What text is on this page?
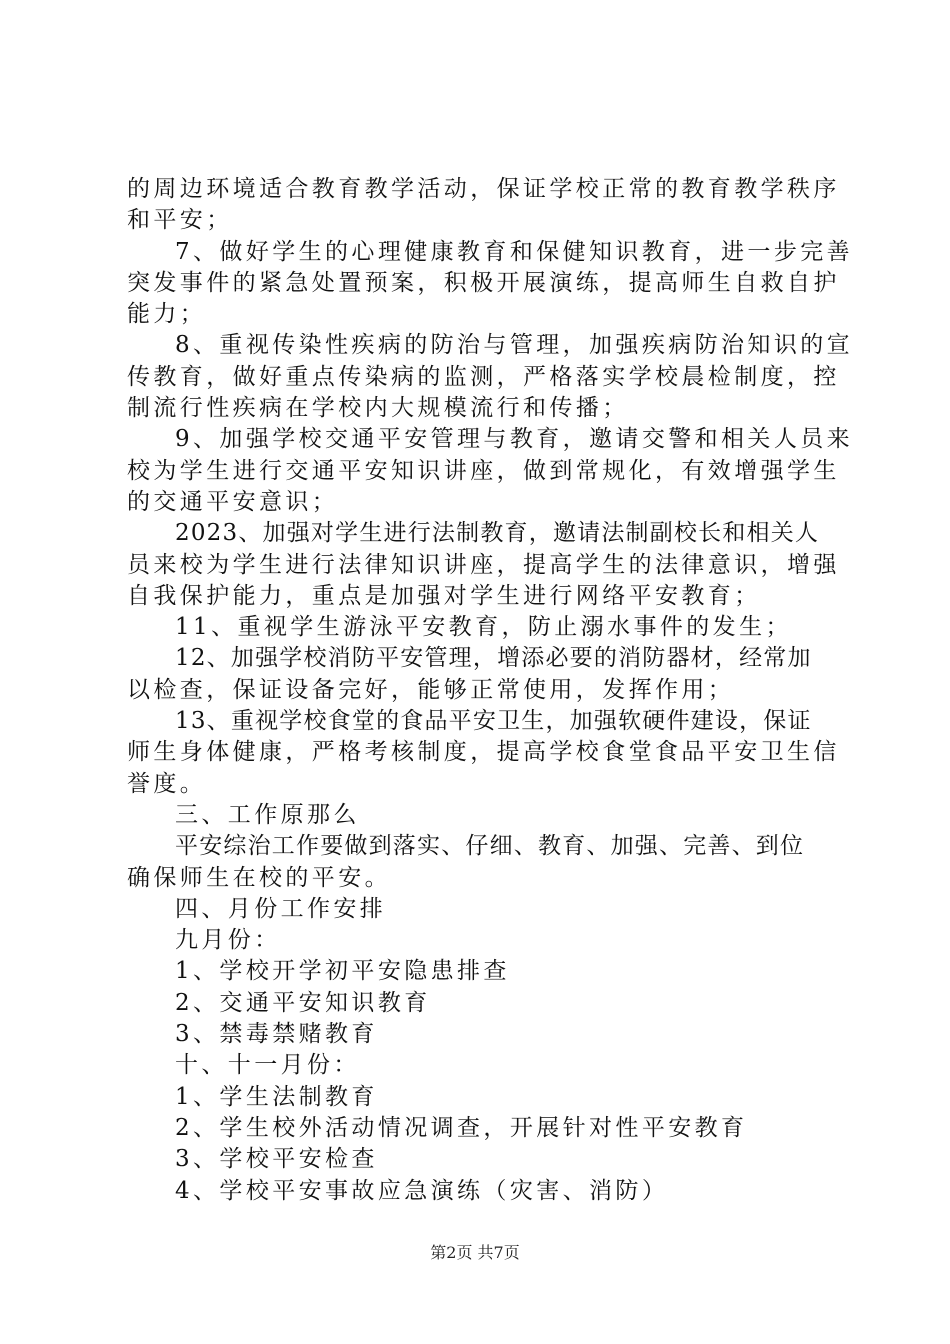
的周边环境适合教育教学活动，保证学校正常的教育教学秩序
和平安；
7、做好学生的心理健康教育和保健知识教育，进一步完善
突发事件的紧急处置预案，积极开展演练，提高师生自救自护
能力；
8、重视传染性疾病的防治与管理，加强疾病防治知识的宣
传教育，做好重点传染病的监测，严格落实学校晨检制度，控
制流行性疾病在学校内大规模流行和传播；
9、加强学校交通平安管理与教育，邀请交警和相关人员来
校为学生进行交通平安知识讲座，做到常规化，有效增强学生
的交通平安意识；
2023、加强对学生进行法制教育，邀请法制副校长和相关人
员来校为学生进行法律知识讲座，提高学生的法律意识，增强
自我保护能力，重点是加强对学生进行网络平安教育；
11、重视学生游泳平安教育，防止溺水事件的发生；
12、加强学校消防平安管理，增添必要的消防器材，经常加
以检查，保证设备完好，能够正常使用，发挥作用；
13、重视学校食堂的食品平安卫生，加强软硬件建设，保证
师生身体健康，严格考核制度，提高学校食堂食品平安卫生信
誉度。
三、工作原那么
平安综治工作要做到落实、仔细、教育、加强、完善、到位
确保师生在校的平安。
四、月份工作安排
九月份：
1、学校开学初平安隐患排查
2、交通平安知识教育
3、禁毒禁赌教育
十、十一月份：
1、学生法制教育
2、学生校外活动情况调查，开展针对性平安教育
3、学校平安检查
4、学校平安事故应急演练（灾害、消防）
第2页 共7页
